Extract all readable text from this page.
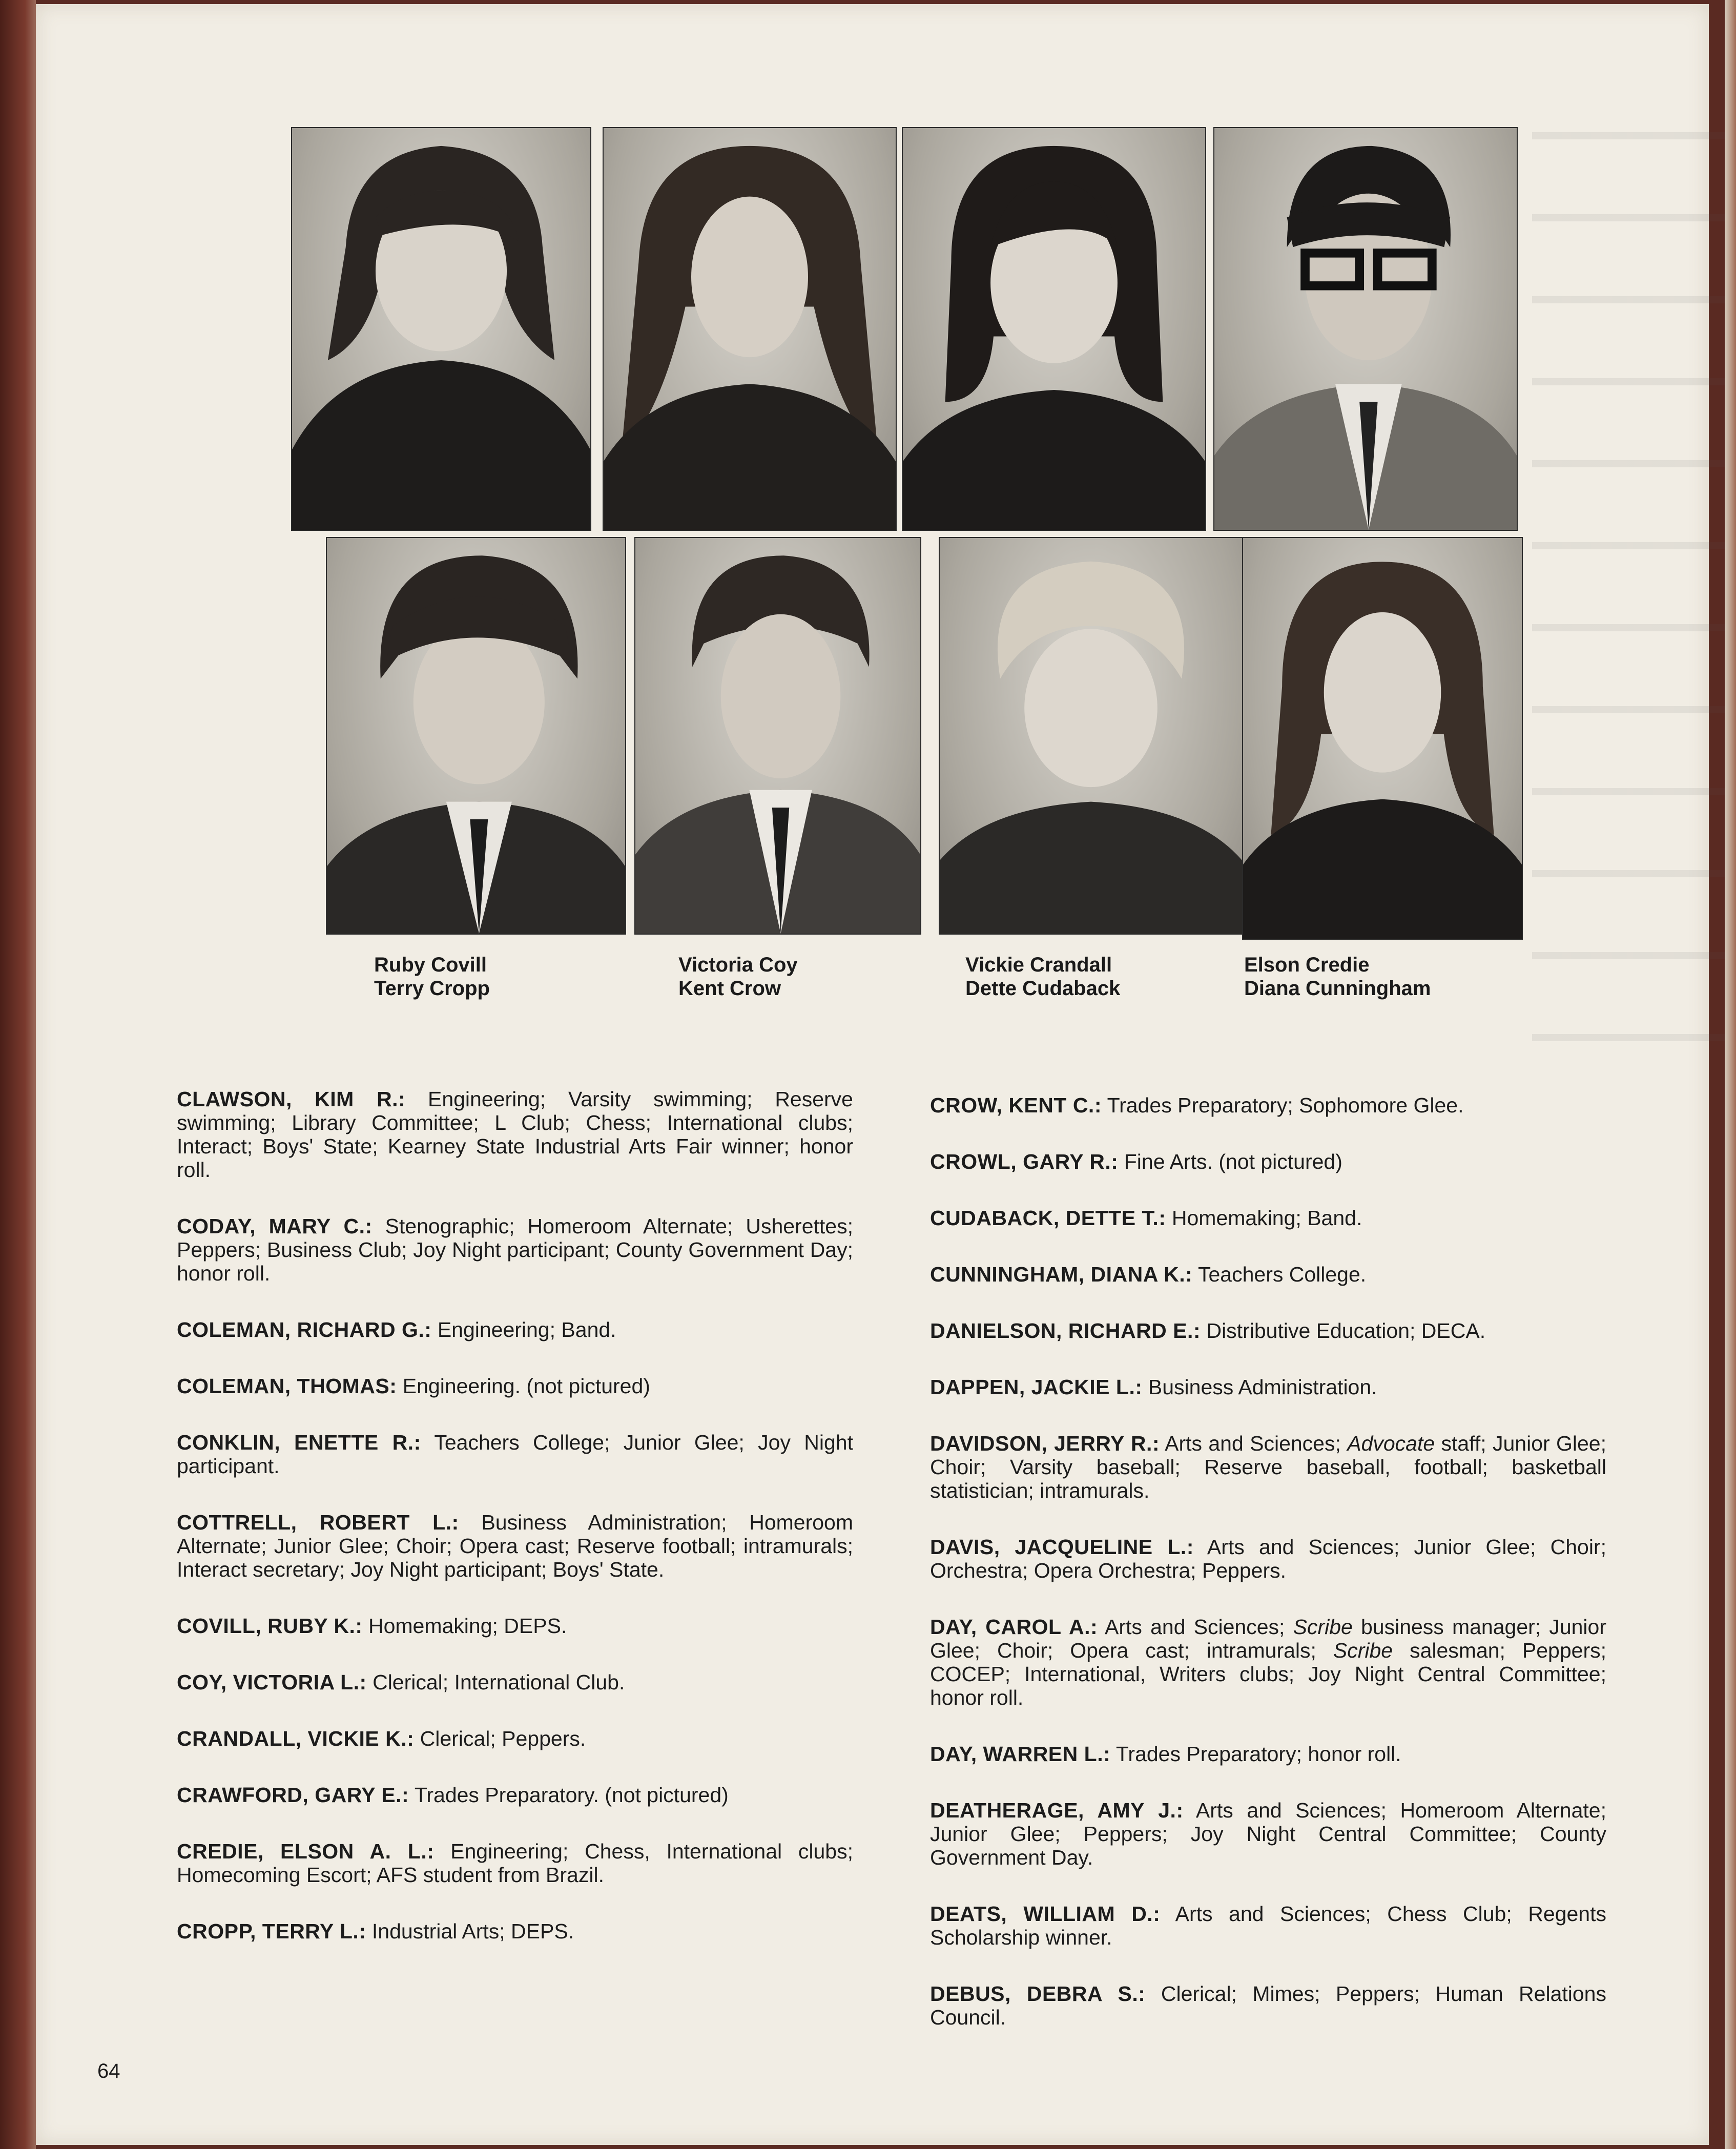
Ruby Covill
Terry Cropp
Victoria Coy
Kent Crow
Vickie Crandall
Dette Cudaback
Elson Credie
Diana Cunningham
CLAWSON, KIM R.: Engineering; Varsity swimming; Reserve swimming; Library Committee; L Club; Chess; International clubs; Interact; Boys' State; Kearney State Industrial Arts Fair winner; honor roll.
CODAY, MARY C.: Stenographic; Homeroom Alternate; Usherettes; Peppers; Business Club; Joy Night participant; County Government Day; honor roll.
COLEMAN, RICHARD G.: Engineering; Band.
COLEMAN, THOMAS: Engineering. (not pictured)
CONKLIN, ENETTE R.: Teachers College; Junior Glee; Joy Night participant.
COTTRELL, ROBERT L.: Business Administration; Homeroom Alternate; Junior Glee; Choir; Opera cast; Reserve football; intramurals; Interact secretary; Joy Night participant; Boys' State.
COVILL, RUBY K.: Homemaking; DEPS.
COY, VICTORIA L.: Clerical; International Club.
CRANDALL, VICKIE K.: Clerical; Peppers.
CRAWFORD, GARY E.: Trades Preparatory. (not pictured)
CREDIE, ELSON A. L.: Engineering; Chess, International clubs; Homecoming Escort; AFS student from Brazil.
CROPP, TERRY L.: Industrial Arts; DEPS.
CROW, KENT C.: Trades Preparatory; Sophomore Glee.
CROWL, GARY R.: Fine Arts. (not pictured)
CUDABACK, DETTE T.: Homemaking; Band.
CUNNINGHAM, DIANA K.: Teachers College.
DANIELSON, RICHARD E.: Distributive Education; DECA.
DAPPEN, JACKIE L.: Business Administration.
DAVIDSON, JERRY R.: Arts and Sciences; Advocate staff; Junior Glee; Choir; Varsity baseball; Reserve baseball, football; basketball statistician; intramurals.
DAVIS, JACQUELINE L.: Arts and Sciences; Junior Glee; Choir; Orchestra; Opera Orchestra; Peppers.
DAY, CAROL A.: Arts and Sciences; Scribe business manager; Junior Glee; Choir; Opera cast; intramurals; Scribe salesman; Peppers; COCEP; International, Writers clubs; Joy Night Central Committee; honor roll.
DAY, WARREN L.: Trades Preparatory; honor roll.
DEATHERAGE, AMY J.: Arts and Sciences; Homeroom Alternate; Junior Glee; Peppers; Joy Night Central Committee; County Government Day.
DEATS, WILLIAM D.: Arts and Sciences; Chess Club; Regents Scholarship winner.
DEBUS, DEBRA S.: Clerical; Mimes; Peppers; Human Relations Council.
64
